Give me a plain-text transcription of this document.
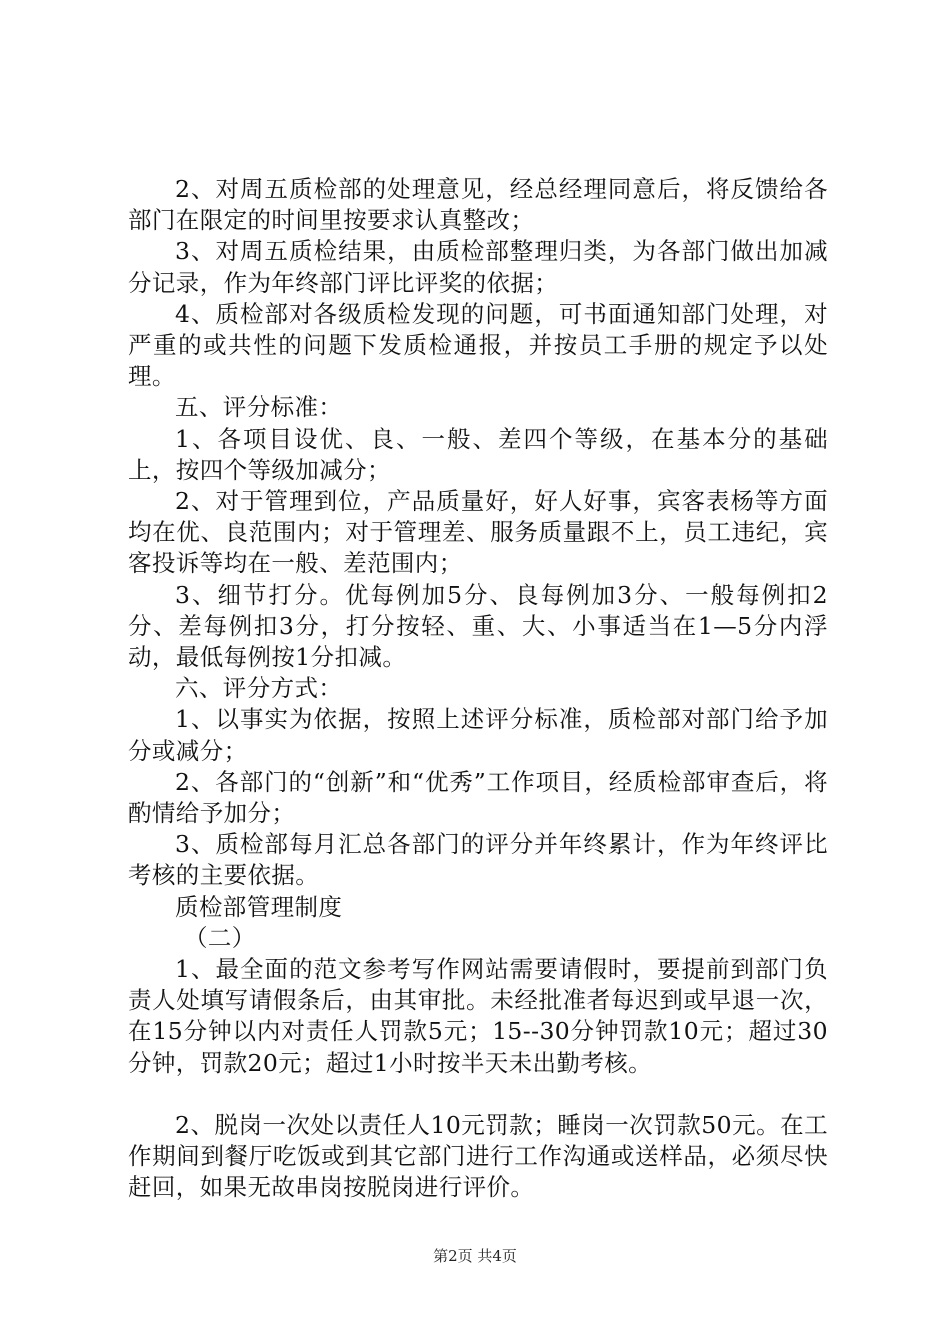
2、对周五质检部的处理意见，经总经理同意后，将反馈给各部门在限定的时间里按要求认真整改；

3、对周五质检结果，由质检部整理归类，为各部门做出加减分记录，作为年终部门评比评奖的依据；

4、质检部对各级质检发现的问题，可书面通知部门处理，对严重的或共性的问题下发质检通报，并按员工手册的规定予以处理。

五、评分标准：

1、各项目设优、良、一般、差四个等级，在基本分的基础上，按四个等级加减分；

2、对于管理到位，产品质量好，好人好事，宾客表杨等方面均在优、良范围内；对于管理差、服务质量跟不上，员工违纪，宾客投诉等均在一般、差范围内；

3、细节打分。优每例加5分、良每例加3分、一般每例扣2分、差每例扣3分，打分按轻、重、大、小事适当在1—5分内浮动，最低每例按1分扣减。

六、评分方式：

1、以事实为依据，按照上述评分标准，质检部对部门给予加分或减分；

2、各部门的“创新”和“优秀”工作项目，经质检部审查后，将酌情给予加分；

3、质检部每月汇总各部门的评分并年终累计，作为年终评比考核的主要依据。

质检部管理制度

（二）

1、最全面的范文参考写作网站需要请假时，要提前到部门负责人处填写请假条后，由其审批。未经批准者每迟到或早退一次，在15分钟以内对责任人罚款5元；15--30分钟罚款10元；超过30分钟，罚款20元；超过1小时按半天未出勤考核。

2、脱岗一次处以责任人10元罚款；睡岗一次罚款50元。在工作期间到餐厅吃饭或到其它部门进行工作沟通或送样品，必须尽快赶回，如果无故串岗按脱岗进行评价。

第2页 共4页
